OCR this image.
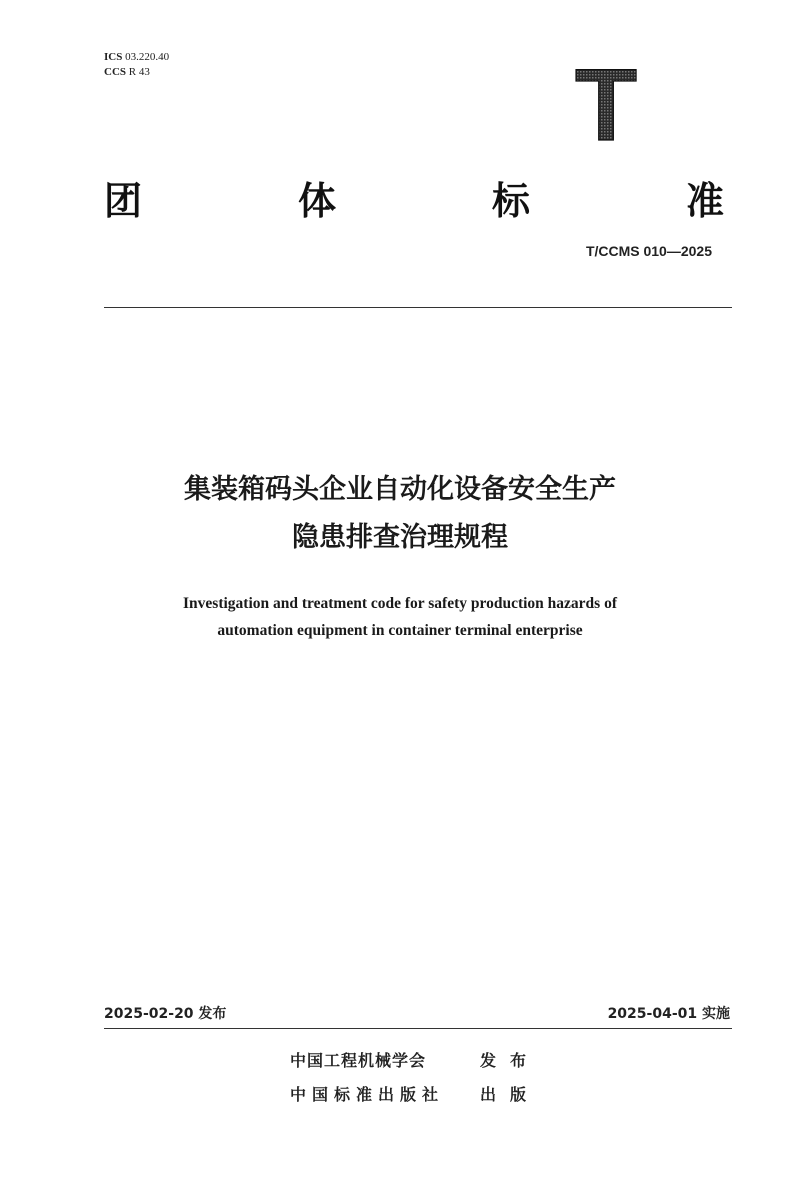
ICS 03.220.40
CCS R 43	T
团	体	标	准
T/CCMS 010—2025
集装箱码头企业自动化设备安全生产
隐患排查治理规程
Investigation and treatment code for safety production hazards of
automation equipment in container terminal enterprise
2025-02-20 发布	2025-04-01 实施
中国工程机械学会	发布
中国标准出版社	出版
